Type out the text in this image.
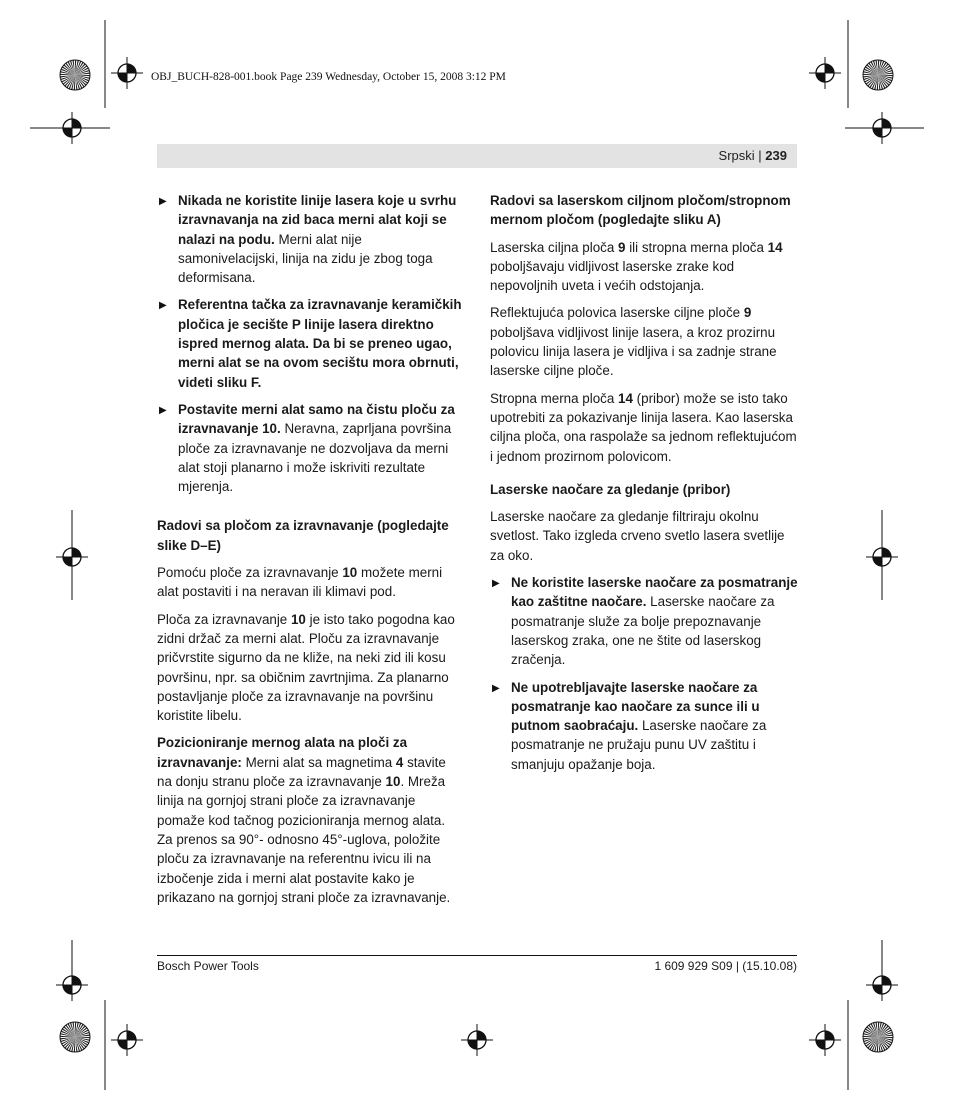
OBJ_BUCH-828-001.book Page 239 Wednesday, October 15, 2008 3:12 PM
Srpski | 239
▶ Nikada ne koristite linije lasera koje u svrhu izravnavanja na zid baca merni alat koji se nalazi na podu. Merni alat nije samonivelacijski, linija na zidu je zbog toga deformisana.
▶ Referentna tačka za izravnavanje keramičkih pločica je secište P linije lasera direktno ispred mernog alata. Da bi se preneo ugao, merni alat se na ovom secištu mora obrnuti, videti sliku F.
▶ Postavite merni alat samo na čistu ploču za izravnavanje 10. Neravna, zaprljana površina ploče za izravnavanje ne dozvoljava da merni alat stoji planarno i može iskriviti rezultate mjerenja.
Radovi sa pločom za izravnavanje (pogledajte slike D–E)

Pomoću ploče za izravnavanje 10 možete merni alat postaviti i na neravan ili klimavi pod.

Ploča za izravnavanje 10 je isto tako pogodna kao zidni držač za merni alat. Ploču za izravnavanje pričvrstite sigurno da ne kliže, na neki zid ili kosu površinu, npr. sa običnim zavrtnjima. Za planarno postavljanje ploče za izravnavanje na površinu koristite libelu.

Pozicioniranje mernog alata na ploči za izravnavanje: Merni alat sa magnetima 4 stavite na donju stranu ploče za izravnavanje 10. Mreža linija na gornjoj strani ploče za izravnavanje pomaže kod tačnog pozicioniranja mernog alata. Za prenos sa 90°- odnosno 45°-uglova, položite ploču za izravnavanje na referentnu ivicu ili na izbočenje zida i merni alat postavite kako je prikazano na gornjoj strani ploče za izravnavanje.

Radovi sa laserskom ciljnom pločom/stropnom mernom pločom (pogledajte sliku A)

Laserska ciljna ploča 9 ili stropna merna ploča 14 poboljšavaju vidljivost laserske zrake kod nepovoljnih uveta i većih odstojanja.

Reflektujuća polovica laserske ciljne ploče 9 poboljšava vidljivost linije lasera, a kroz prozirnu polovicu linija lasera je vidljiva i sa zadnje strane laserske ciljne ploče.

Stropna merna ploča 14 (pribor) može se isto tako upotrebiti za pokazivanje linija lasera. Kao laserska ciljna ploča, ona raspolaže sa jednom reflektujućom i jednom prozirnom polovicom.

Laserske naočare za gledanje (pribor)

Laserske naočare za gledanje filtriraju okolnu svetlost. Tako izgleda crveno svetlo lasera svetlije za oko.

▶ Ne koristite laserske naočare za posmatranje kao zaštitne naočare. Laserske naočare za posmatranje služe za bolje prepoznavanje laserskog zraka, one ne štite od laserskog zračenja.
▶ Ne upotrebljavajte laserske naočare za posmatranje kao naočare za sunce ili u putnom saobraćaju. Laserske naočare za posmatranje ne pružaju punu UV zaštitu i smanjuju opažanje boja.
Bosch Power Tools	1 609 929 S09 | (15.10.08)
